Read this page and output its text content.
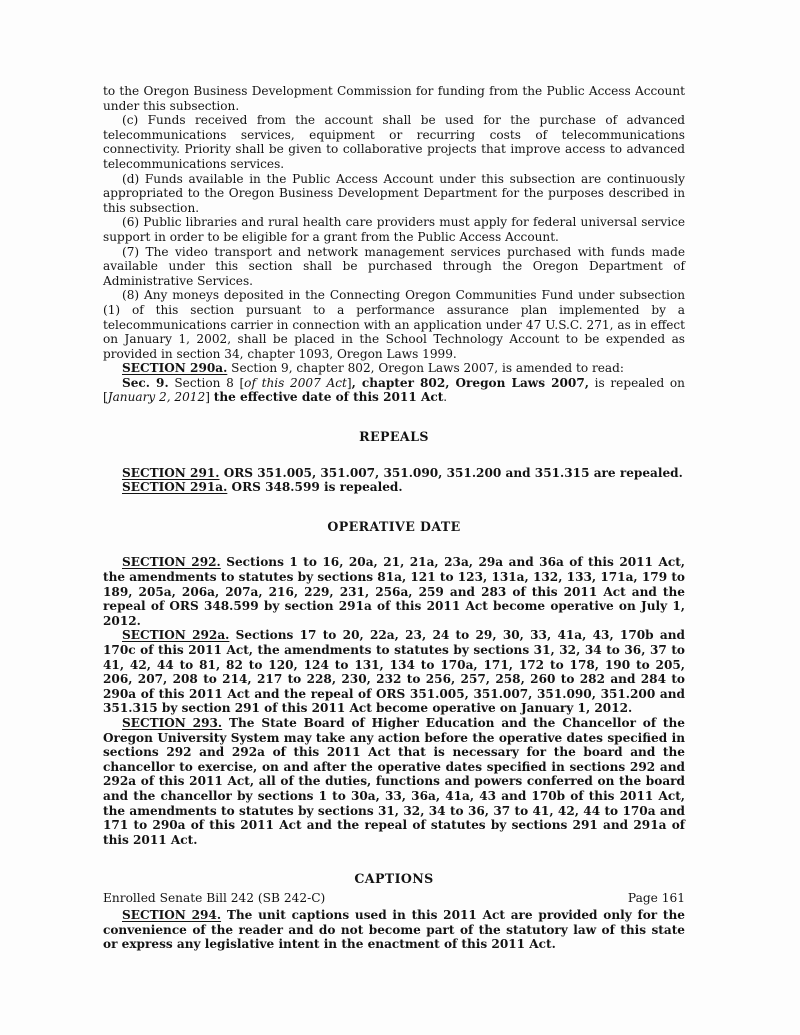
to the Oregon Business Development Commission for funding from the Public Access Account under this subsection.

(c) Funds received from the account shall be used for the purchase of advanced telecommunications services, equipment or recurring costs of telecommunications connectivity. Priority shall be given to collaborative projects that improve access to advanced telecommunications services.

(d) Funds available in the Public Access Account under this subsection are continuously appropriated to the Oregon Business Development Department for the purposes described in this subsection.

(6) Public libraries and rural health care providers must apply for federal universal service support in order to be eligible for a grant from the Public Access Account.

(7) The video transport and network management services purchased with funds made available under this section shall be purchased through the Oregon Department of Administrative Services.

(8) Any moneys deposited in the Connecting Oregon Communities Fund under subsection (1) of this section pursuant to a performance assurance plan implemented by a telecommunications carrier in connection with an application under 47 U.S.C. 271, as in effect on January 1, 2002, shall be placed in the School Technology Account to be expended as provided in section 34, chapter 1093, Oregon Laws 1999.

SECTION 290a. Section 9, chapter 802, Oregon Laws 2007, is amended to read:

Sec. 9. Section 8 [of this 2007 Act], chapter 802, Oregon Laws 2007, is repealed on [January 2, 2012] the effective date of this 2011 Act.

REPEALS

SECTION 291. ORS 351.005, 351.007, 351.090, 351.200 and 351.315 are repealed.

SECTION 291a. ORS 348.599 is repealed.

OPERATIVE DATE

SECTION 292. Sections 1 to 16, 20a, 21, 21a, 23a, 29a and 36a of this 2011 Act, the amendments to statutes by sections 81a, 121 to 123, 131a, 132, 133, 171a, 179 to 189, 205a, 206a, 207a, 216, 229, 231, 256a, 259 and 283 of this 2011 Act and the repeal of ORS 348.599 by section 291a of this 2011 Act become operative on July 1, 2012.

SECTION 292a. Sections 17 to 20, 22a, 23, 24 to 29, 30, 33, 41a, 43, 170b and 170c of this 2011 Act, the amendments to statutes by sections 31, 32, 34 to 36, 37 to 41, 42, 44 to 81, 82 to 120, 124 to 131, 134 to 170a, 171, 172 to 178, 190 to 205, 206, 207, 208 to 214, 217 to 228, 230, 232 to 256, 257, 258, 260 to 282 and 284 to 290a of this 2011 Act and the repeal of ORS 351.005, 351.007, 351.090, 351.200 and 351.315 by section 291 of this 2011 Act become operative on January 1, 2012.

SECTION 293. The State Board of Higher Education and the Chancellor of the Oregon University System may take any action before the operative dates specified in sections 292 and 292a of this 2011 Act that is necessary for the board and the chancellor to exercise, on and after the operative dates specified in sections 292 and 292a of this 2011 Act, all of the duties, functions and powers conferred on the board and the chancellor by sections 1 to 30a, 33, 36a, 41a, 43 and 170b of this 2011 Act, the amendments to statutes by sections 31, 32, 34 to 36, 37 to 41, 42, 44 to 170a and 171 to 290a of this 2011 Act and the repeal of statutes by sections 291 and 291a of this 2011 Act.

CAPTIONS

SECTION 294. The unit captions used in this 2011 Act are provided only for the convenience of the reader and do not become part of the statutory law of this state or express any legislative intent in the enactment of this 2011 Act.

Enrolled Senate Bill 242 (SB 242-C)	Page 161
